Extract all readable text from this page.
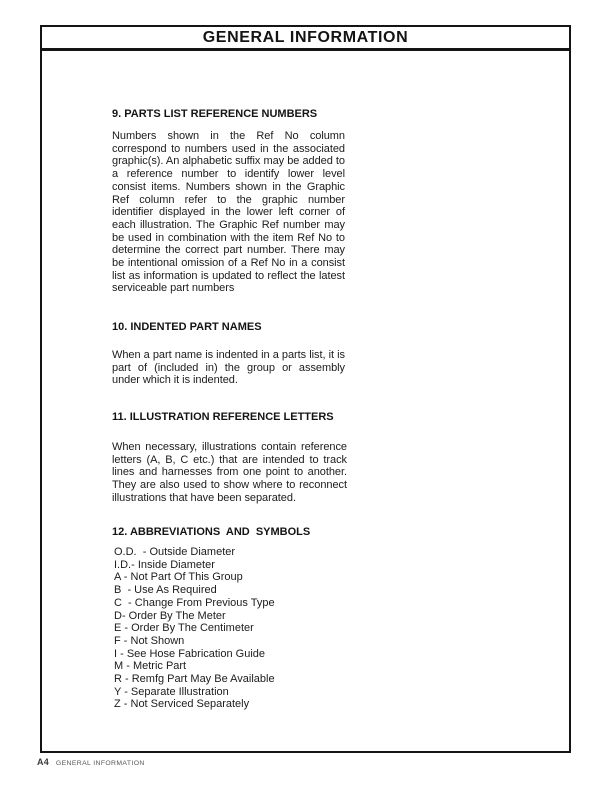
GENERAL INFORMATION
9. PARTS LIST REFERENCE NUMBERS

Numbers shown in the Ref No column correspond to numbers used in the associated graphic(s). An alphabetic suffix may be added to a reference number to identify lower level consist items. Numbers shown in the Graphic Ref column refer to the graphic number identifier displayed in the lower left corner of each illustration. The Graphic Ref number may be used in combination with the item Ref No to determine the correct part number. There may be intentional omission of a Ref No in a consist list as information is updated to reflect the latest serviceable part numbers

10. INDENTED PART NAMES

When a part name is indented in a parts list, it is part of (included in) the group or assembly under which it is indented.

11. ILLUSTRATION REFERENCE LETTERS

When necessary, illustrations contain reference letters (A, B, C etc.) that are intended to track lines and harnesses from one point to another. They are also used to show where to reconnect illustrations that have been separated.

12. ABBREVIATIONS  AND  SYMBOLS
O.D.  - Outside Diameter
I.D.- Inside Diameter
A - Not Part Of This Group
B  - Use As Required
C  - Change From Previous Type
D- Order By The Meter
E - Order By The Centimeter
F - Not Shown
I - See Hose Fabrication Guide
M - Metric Part
R - Remfg Part May Be Available
Y - Separate Illustration
Z - Not Serviced Separately
A4 GENERAL INFORMATION
